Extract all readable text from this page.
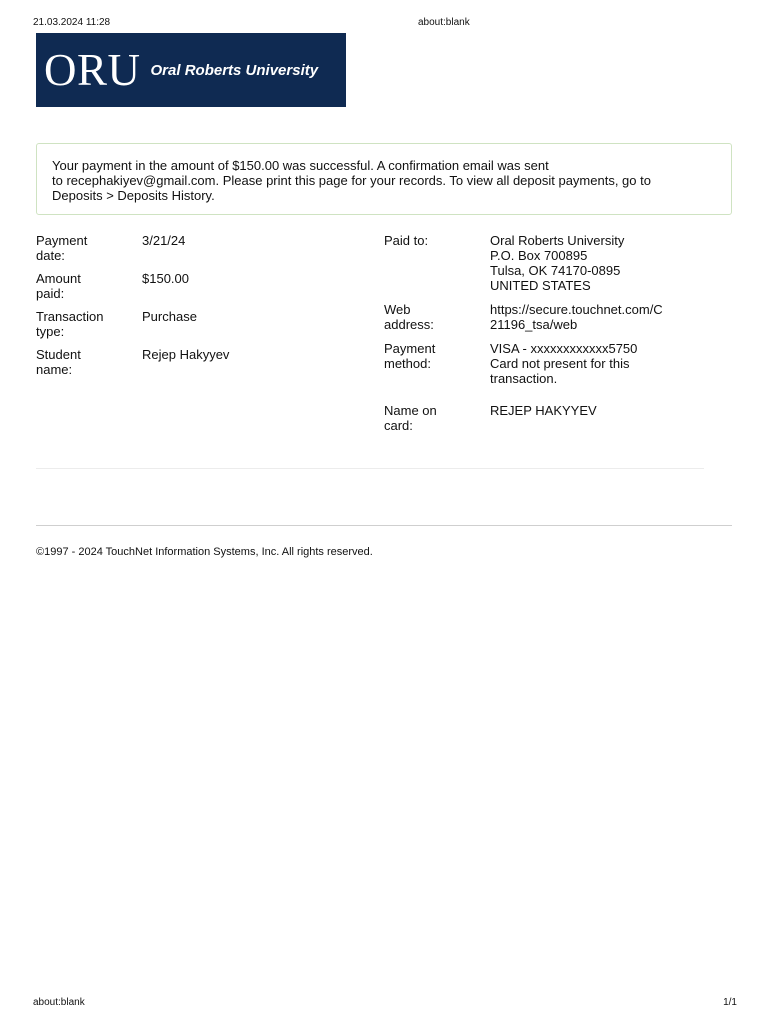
21.03.2024 11:28	about:blank
ORU Oral Roberts University
Your payment in the amount of $150.00 was successful. A confirmation email was sent
to recephakiyev@gmail.com. Please print this page for your records. To view all deposit payments, go to
Deposits > Deposits History.
Payment
date:
3/21/24
Amount
paid:
$150.00
Transaction
type:
Purchase
Student
name:
Rejep Hakyyev
Paid to:	Oral Roberts University
P.O. Box 700895
Tulsa, OK 74170-0895
UNITED STATES
Web
address:
https://secure.touchnet.com/C
21196_tsa/web
Payment
method:
VISA - xxxxxxxxxxxx5750
Card not present for this
transaction.
Name on
card:
REJEP HAKYYEV
©1997 - 2024 TouchNet Information Systems, Inc. All rights reserved.
about:blank	1/1
